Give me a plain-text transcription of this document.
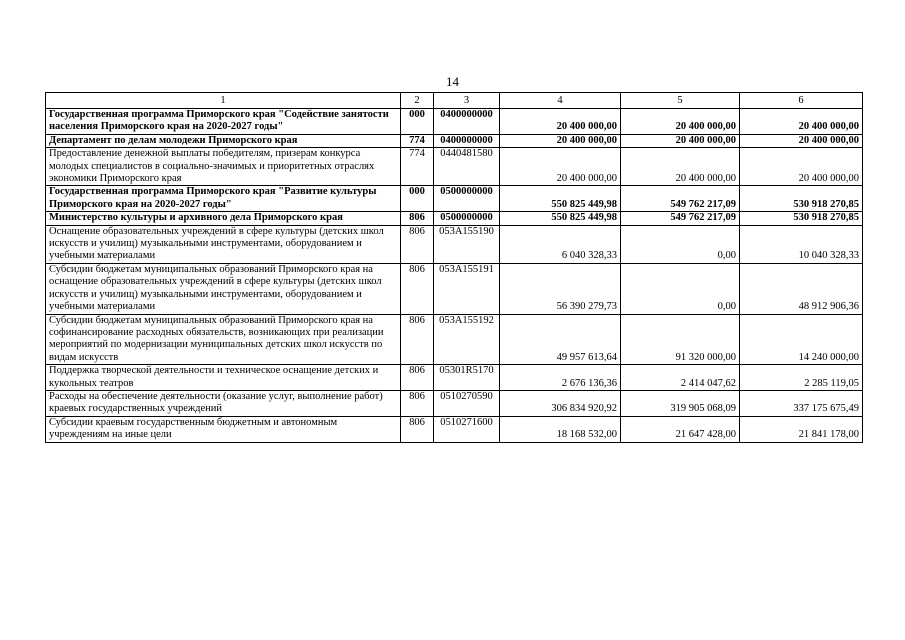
14
1	2	3	4	5	6
Государственная программа Приморского края "Содействие занятости населения Приморского края на 2020-2027 годы"	000	0400000000	20 400 000,00	20 400 000,00	20 400 000,00
Департамент по делам молодежи Приморского края	774	0400000000	20 400 000,00	20 400 000,00	20 400 000,00
Предоставление денежной выплаты победителям, призерам конкурса молодых специалистов в социально-значимых и приоритетных отраслях экономики Приморского края	774	0440481580	20 400 000,00	20 400 000,00	20 400 000,00
Государственная программа Приморского края "Развитие культуры Приморского края на 2020-2027 годы"	000	0500000000	550 825 449,98	549 762 217,09	530 918 270,85
Министерство культуры и архивного дела Приморского края	806	0500000000	550 825 449,98	549 762 217,09	530 918 270,85
Оснащение образовательных учреждений в сфере культуры (детских школ искусств и училищ) музыкальными инструментами, оборудованием и учебными материалами	806	053А155190	6 040 328,33	0,00	10 040 328,33
Субсидии бюджетам муниципальных образований Приморского края на оснащение образовательных учреждений в сфере культуры (детских школ искусств и училищ) музыкальными инструментами, оборудованием и учебными материалами	806	053А155191	56 390 279,73	0,00	48 912 906,36
Субсидии бюджетам муниципальных образований Приморского края на софинансирование расходных обязательств, возникающих при реализации мероприятий по модернизации муниципальных детских школ искусств по видам искусств	806	053А155192	49 957 613,64	91 320 000,00	14 240 000,00
Поддержка творческой деятельности и техническое оснащение детских и кукольных театров	806	05301R5170	2 676 136,36	2 414 047,62	2 285 119,05
Расходы на обеспечение деятельности (оказание услуг, выполнение работ) краевых государственных учреждений	806	0510270590	306 834 920,92	319 905 068,09	337 175 675,49
Субсидии краевым государственным бюджетным и автономным учреждениям на иные цели	806	0510271600	18 168 532,00	21 647 428,00	21 841 178,00
